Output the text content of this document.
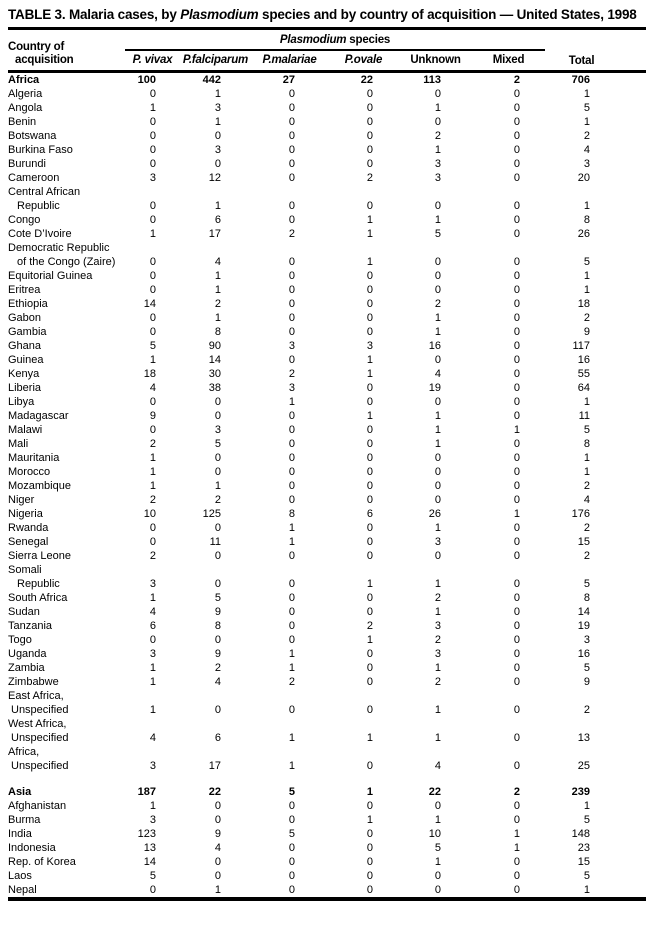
TABLE 3. Malaria cases, by Plasmodium species and by country of acquisition — United States, 1998

Country of
acquisition	Plasmodium species						Total
	P. vivax	P.falciparum	P.malariae	P.ovale	Unknown	Mixed	
Africa	100	442	27	22	113	2	706
Algeria	0	1	0	0	0	0	1
Angola	1	3	0	0	1	0	5
Benin	0	1	0	0	0	0	1
Botswana	0	0	0	0	2	0	2
Burkina Faso	0	3	0	0	1	0	4
Burundi	0	0	0	0	3	0	3
Cameroon	3	12	0	2	3	0	20
Central African							
Republic	0	1	0	0	0	0	1
Congo	0	6	0	1	1	0	8
Cote D’Ivoire	1	17	2	1	5	0	26
Democratic Republic							
of the Congo (Zaire)	0	4	0	1	0	0	5
Equitorial Guinea	0	1	0	0	0	0	1
Eritrea	0	1	0	0	0	0	1
Ethiopia	14	2	0	0	2	0	18
Gabon	0	1	0	0	1	0	2
Gambia	0	8	0	0	1	0	9
Ghana	5	90	3	3	16	0	117
Guinea	1	14	0	1	0	0	16
Kenya	18	30	2	1	4	0	55
Liberia	4	38	3	0	19	0	64
Libya	0	0	1	0	0	0	1
Madagascar	9	0	0	1	1	0	11
Malawi	0	3	0	0	1	1	5
Mali	2	5	0	0	1	0	8
Mauritania	1	0	0	0	0	0	1
Morocco	1	0	0	0	0	0	1
Mozambique	1	1	0	0	0	0	2
Niger	2	2	0	0	0	0	4
Nigeria	10	125	8	6	26	1	176
Rwanda	0	0	1	0	1	0	2
Senegal	0	11	1	0	3	0	15
Sierra Leone	2	0	0	0	0	0	2
Somali							
Republic	3	0	0	1	1	0	5
South Africa	1	5	0	0	2	0	8
Sudan	4	9	0	0	1	0	14
Tanzania	6	8	0	2	3	0	19
Togo	0	0	0	1	2	0	3
Uganda	3	9	1	0	3	0	16
Zambia	1	2	1	0	1	0	5
Zimbabwe	1	4	2	0	2	0	9
East Africa,							
Unspecified	1	0	0	0	1	0	2
West Africa,							
Unspecified	4	6	1	1	1	0	13
Africa,							
Unspecified	3	17	1	0	4	0	25

Asia	187	22	5	1	22	2	239
Afghanistan	1	0	0	0	0	0	1
Burma	3	0	0	1	1	0	5
India	123	9	5	0	10	1	148
Indonesia	13	4	0	0	5	1	23
Rep. of Korea	14	0	0	0	1	0	15
Laos	5	0	0	0	0	0	5
Nepal	0	1	0	0	0	0	1
